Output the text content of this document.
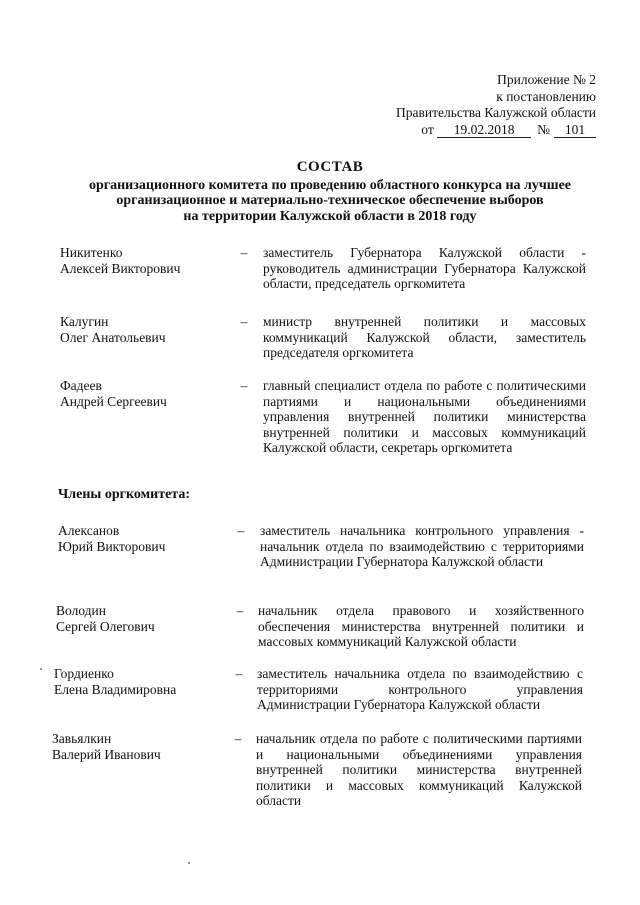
Приложение № 2
к постановлению
Правительства Калужской области
от 19.02.2018 № 101
СОСТАВ
организационного комитета по проведению областного конкурса на лучшее
организационное и материально-техническое обеспечение выборов
на территории Калужской области в 2018 году
Никитенко
Алексей Викторович
–	заместитель Губернатора Калужской области - руководитель администрации Губернатора Калужской области, председатель оргкомитета
Калугин
Олег Анатольевич
–	министр внутренней политики и массовых коммуникаций Калужской области, заместитель председателя оргкомитета
Фадеев
Андрей Сергеевич
–	главный специалист отдела по работе с политическими партиями и национальными объединениями управления внутренней политики министерства внутренней политики и массовых коммуникаций Калужской области, секретарь оргкомитета
Члены оргкомитета:
Алексанов
Юрий Викторович
–	заместитель начальника контрольного управления - начальник отдела по взаимодействию с территориями Администрации Губернатора Калужской области
Володин
Сергей Олегович
–	начальник отдела правового и хозяйственного обеспечения министерства внутренней политики и массовых коммуникаций Калужской области
Гордиенко
Елена Владимировна
–	заместитель начальника отдела по взаимодействию с территориями контрольного управления Администрации Губернатора Калужской области
Завьялкин
Валерий Иванович
–	начальник отдела по работе с политическими партиями и национальными объединениями управления внутренней политики министерства внутренней политики и массовых коммуникаций Калужской области
